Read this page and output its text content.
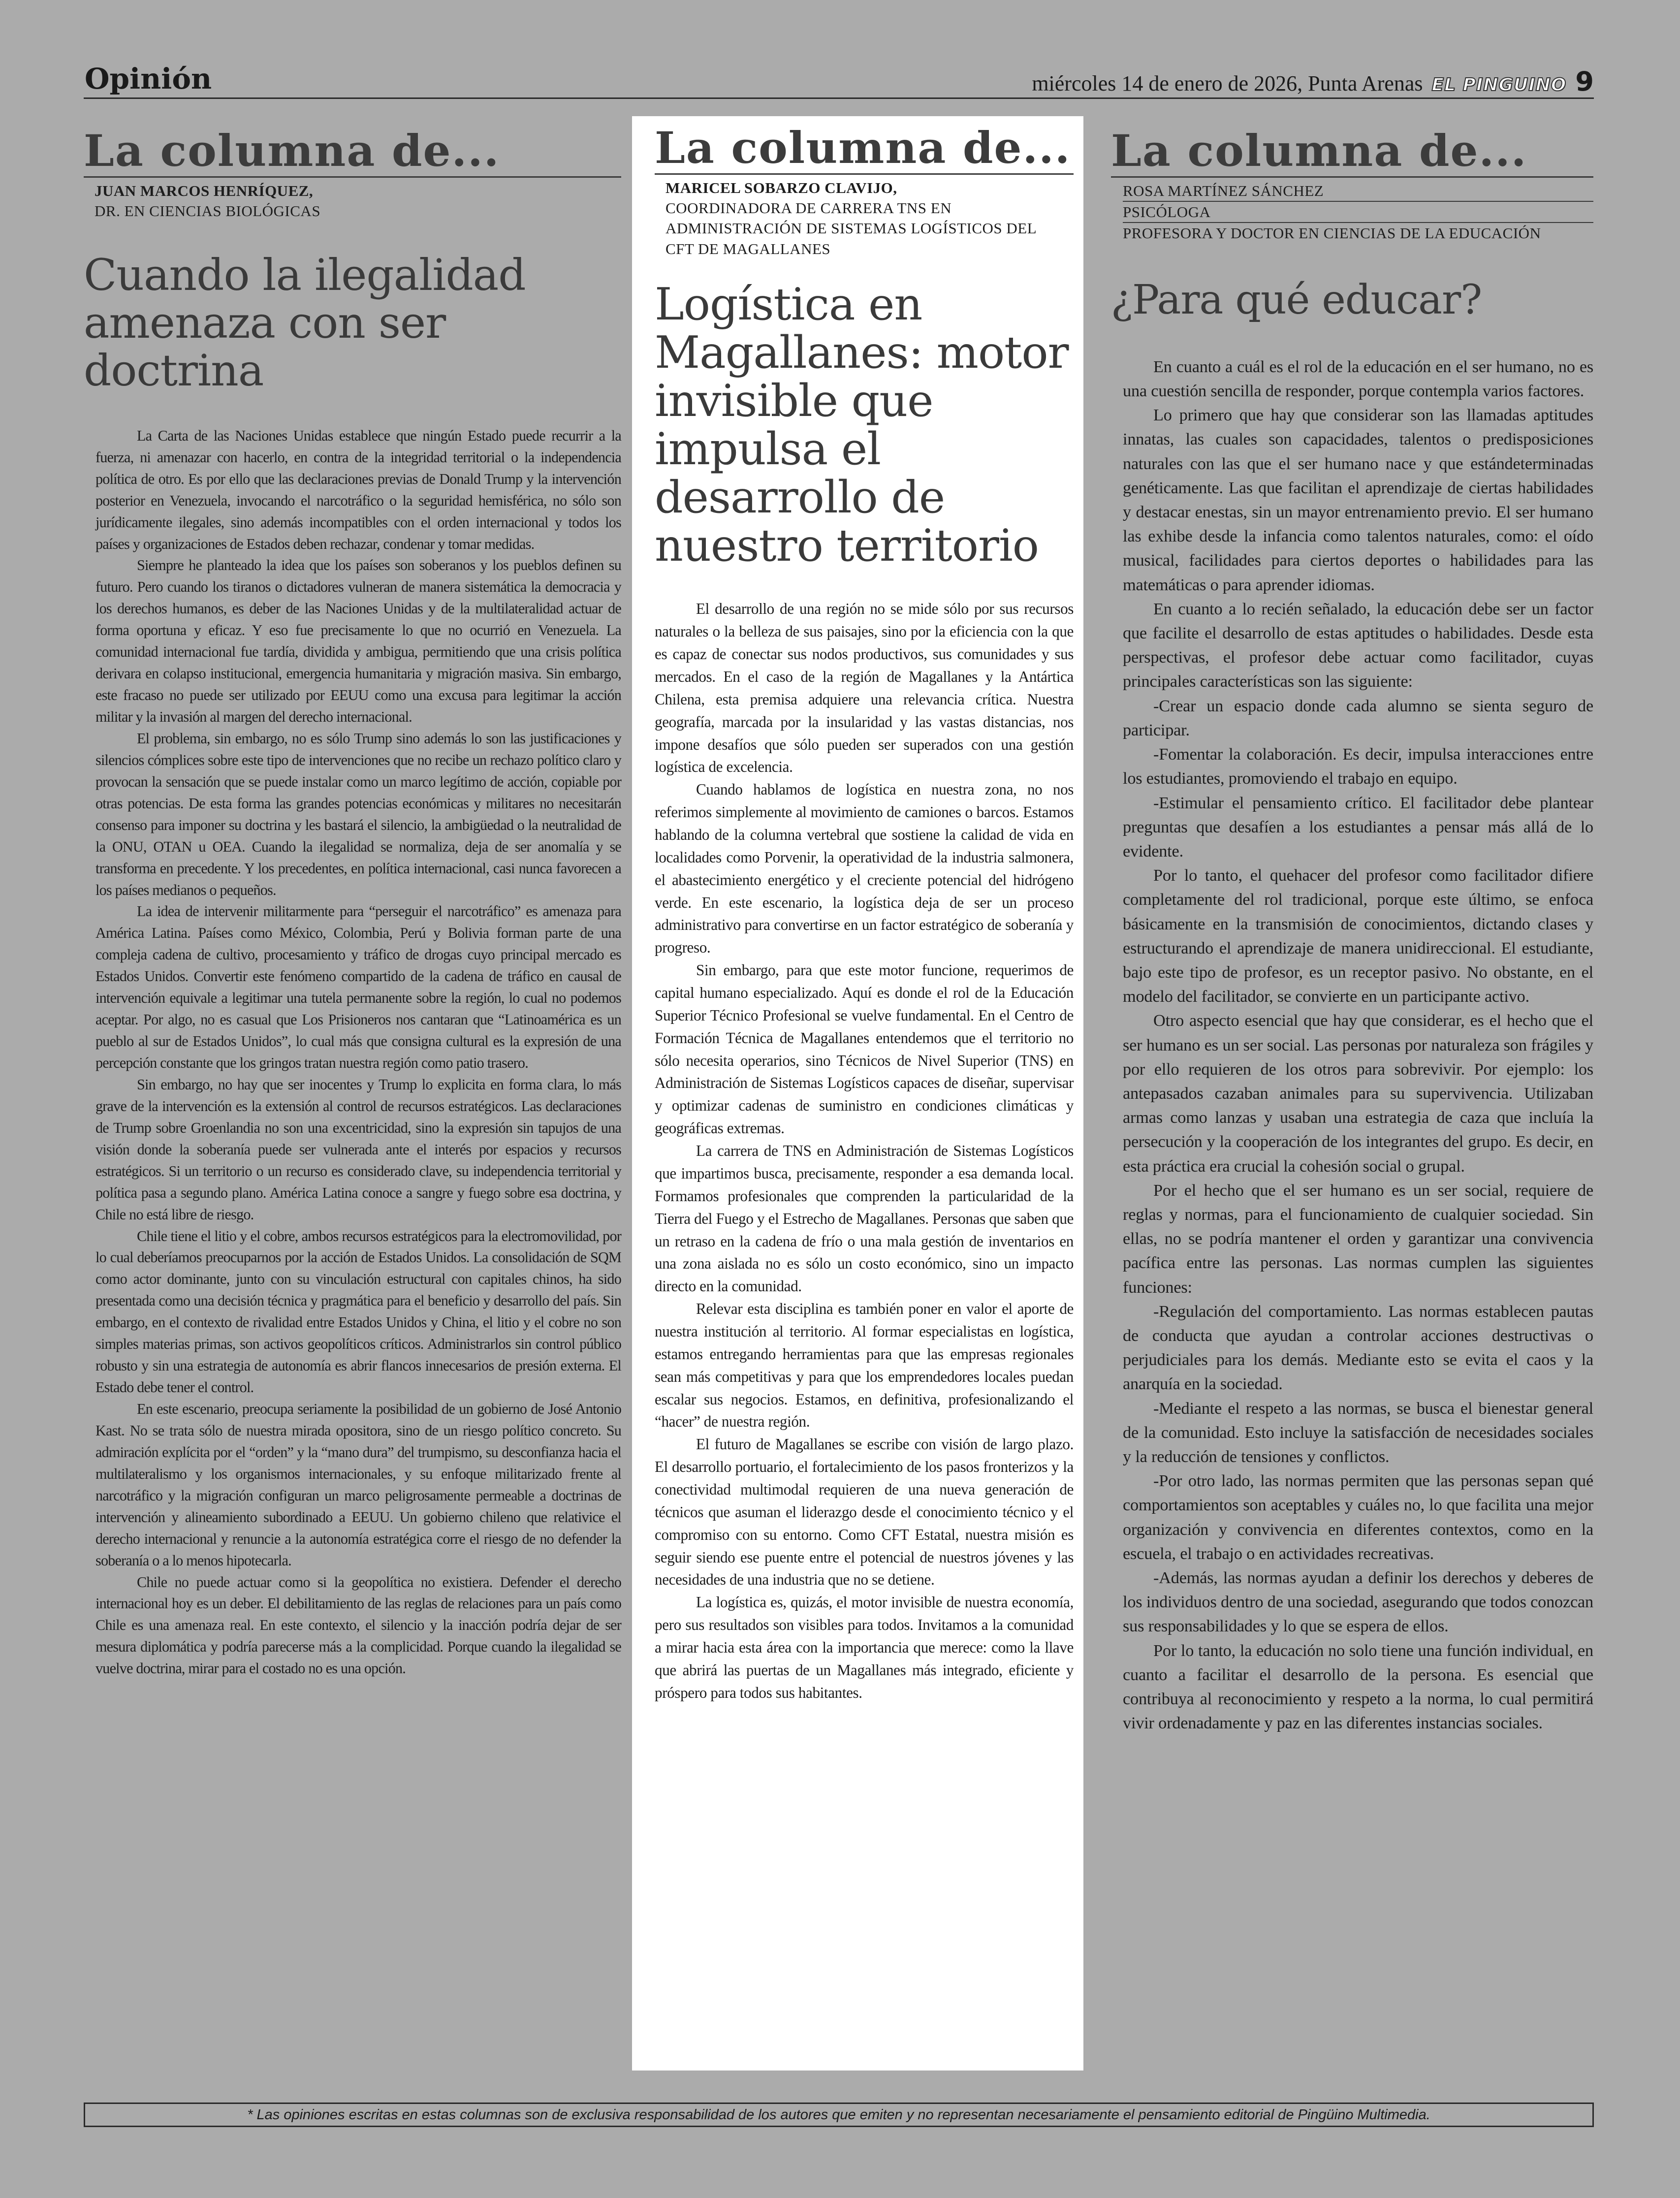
Opinión	miércoles 14 de enero de 2026, Punta Arenas EL PINGUINO 9
La columna de...
JUAN MARCOS HENRÍQUEZ,
DR. EN CIENCIAS BIOLÓGICAS
Cuando la ilegalidad amenaza con ser doctrina

La Carta de las Naciones Unidas establece que ningún Estado puede recurrir a la fuerza, ni amenazar con hacerlo, en contra de la integridad territorial o la independencia política de otro. Es por ello que las declaraciones previas de Donald Trump y la intervención posterior en Venezuela, invocando el narcotráfico o la seguridad hemisférica, no sólo son jurídicamente ilegales, sino además incompatibles con el orden internacional y todos los países y organizaciones de Estados deben rechazar, condenar y tomar medidas.

Siempre he planteado la idea que los países son soberanos y los pueblos definen su futuro. Pero cuando los tiranos o dictadores vulneran de manera sistemática la democracia y los derechos humanos, es deber de las Naciones Unidas y de la multilateralidad actuar de forma oportuna y eficaz. Y eso fue precisamente lo que no ocurrió en Venezuela. La comunidad internacional fue tardía, dividida y ambigua, permitiendo que una crisis política derivara en colapso institucional, emergencia humanitaria y migración masiva. Sin embargo, este fracaso no puede ser utilizado por EEUU como una excusa para legitimar la acción militar y la invasión al margen del derecho internacional.

El problema, sin embargo, no es sólo Trump sino además lo son las justificaciones y silencios cómplices sobre este tipo de intervenciones que no recibe un rechazo político claro y provocan la sensación que se puede instalar como un marco legítimo de acción, copiable por otras potencias. De esta forma las grandes potencias económicas y militares no necesitarán consenso para imponer su doctrina y les bastará el silencio, la ambigüedad o la neutralidad de la ONU, OTAN u OEA. Cuando la ilegalidad se normaliza, deja de ser anomalía y se transforma en precedente. Y los precedentes, en política internacional, casi nunca favorecen a los países medianos o pequeños.

La idea de intervenir militarmente para “perseguir el narcotráfico” es amenaza para América Latina. Países como México, Colombia, Perú y Bolivia forman parte de una compleja cadena de cultivo, procesamiento y tráfico de drogas cuyo principal mercado es Estados Unidos. Convertir este fenómeno compartido de la cadena de tráfico en causal de intervención equivale a legitimar una tutela permanente sobre la región, lo cual no podemos aceptar. Por algo, no es casual que Los Prisioneros nos cantaran que “Latinoamérica es un pueblo al sur de Estados Unidos”, lo cual más que consigna cultural es la expresión de una percepción constante que los gringos tratan nuestra región como patio trasero.

Sin embargo, no hay que ser inocentes y Trump lo explicita en forma clara, lo más grave de la intervención es la extensión al control de recursos estratégicos. Las declaraciones de Trump sobre Groenlandia no son una excentricidad, sino la expresión sin tapujos de una visión donde la soberanía puede ser vulnerada ante el interés por espacios y recursos estratégicos. Si un territorio o un recurso es considerado clave, su independencia territorial y política pasa a segundo plano. América Latina conoce a sangre y fuego sobre esa doctrina, y Chile no está libre de riesgo.

Chile tiene el litio y el cobre, ambos recursos estratégicos para la electromovilidad, por lo cual deberíamos preocuparnos por la acción de Estados Unidos. La consolidación de SQM como actor dominante, junto con su vinculación estructural con capitales chinos, ha sido presentada como una decisión técnica y pragmática para el beneficio y desarrollo del país. Sin embargo, en el contexto de rivalidad entre Estados Unidos y China, el litio y el cobre no son simples materias primas, son activos geopolíticos críticos. Administrarlos sin control público robusto y sin una estrategia de autonomía es abrir flancos innecesarios de presión externa. El Estado debe tener el control.

En este escenario, preocupa seriamente la posibilidad de un gobierno de José Antonio Kast. No se trata sólo de nuestra mirada opositora, sino de un riesgo político concreto. Su admiración explícita por el “orden” y la “mano dura” del trumpismo, su desconfianza hacia el multilateralismo y los organismos internacionales, y su enfoque militarizado frente al narcotráfico y la migración configuran un marco peligrosamente permeable a doctrinas de intervención y alineamiento subordinado a EEUU. Un gobierno chileno que relativice el derecho internacional y renuncie a la autonomía estratégica corre el riesgo de no defender la soberanía o a lo menos hipotecarla.

Chile no puede actuar como si la geopolítica no existiera. Defender el derecho internacional hoy es un deber. El debilitamiento de las reglas de relaciones para un país como Chile es una amenaza real. En este contexto, el silencio y la inacción podría dejar de ser mesura diplomática y podría parecerse más a la complicidad. Porque cuando la ilegalidad se vuelve doctrina, mirar para el costado no es una opción.

La columna de...
MARICEL SOBARZO CLAVIJO,
COORDINADORA DE CARRERA TNS EN
ADMINISTRACIÓN DE SISTEMAS LOGÍSTICOS DEL
CFT DE MAGALLANES
Logística en Magallanes: motor invisible que impulsa el desarrollo de nuestro territorio

El desarrollo de una región no se mide sólo por sus recursos naturales o la belleza de sus paisajes, sino por la eficiencia con la que es capaz de conectar sus nodos productivos, sus comunidades y sus mercados. En el caso de la región de Magallanes y la Antártica Chilena, esta premisa adquiere una relevancia crítica. Nuestra geografía, marcada por la insularidad y las vastas distancias, nos impone desafíos que sólo pueden ser superados con una gestión logística de excelencia.

Cuando hablamos de logística en nuestra zona, no nos referimos simplemente al movimiento de camiones o barcos. Estamos hablando de la columna vertebral que sostiene la calidad de vida en localidades como Porvenir, la operatividad de la industria salmonera, el abastecimiento energético y el creciente potencial del hidrógeno verde. En este escenario, la logística deja de ser un proceso administrativo para convertirse en un factor estratégico de soberanía y progreso.

Sin embargo, para que este motor funcione, requerimos de capital humano especializado. Aquí es donde el rol de la Educación Superior Técnico Profesional se vuelve fundamental. En el Centro de Formación Técnica de Magallanes entendemos que el territorio no sólo necesita operarios, sino Técnicos de Nivel Superior (TNS) en Administración de Sistemas Logísticos capaces de diseñar, supervisar y optimizar cadenas de suministro en condiciones climáticas y geográficas extremas.

La carrera de TNS en Administración de Sistemas Logísticos que impartimos busca, precisamente, responder a esa demanda local. Formamos profesionales que comprenden la particularidad de la Tierra del Fuego y el Estrecho de Magallanes. Personas que saben que un retraso en la cadena de frío o una mala gestión de inventarios en una zona aislada no es sólo un costo económico, sino un impacto directo en la comunidad.

Relevar esta disciplina es también poner en valor el aporte de nuestra institución al territorio. Al formar especialistas en logística, estamos entregando herramientas para que las empresas regionales sean más competitivas y para que los emprendedores locales puedan escalar sus negocios. Estamos, en definitiva, profesionalizando el “hacer” de nuestra región.

El futuro de Magallanes se escribe con visión de largo plazo. El desarrollo portuario, el fortalecimiento de los pasos fronterizos y la conectividad multimodal requieren de una nueva generación de técnicos que asuman el liderazgo desde el conocimiento técnico y el compromiso con su entorno. Como CFT Estatal, nuestra misión es seguir siendo ese puente entre el potencial de nuestros jóvenes y las necesidades de una industria que no se detiene.

La logística es, quizás, el motor invisible de nuestra economía, pero sus resultados son visibles para todos. Invitamos a la comunidad a mirar hacia esta área con la importancia que merece: como la llave que abrirá las puertas de un Magallanes más integrado, eficiente y próspero para todos sus habitantes.

La columna de...
ROSA MARTÍNEZ SÁNCHEZ
PSICÓLOGA
PROFESORA Y DOCTOR EN CIENCIAS DE LA EDUCACIÓN
¿Para qué educar?

En cuanto a cuál es el rol de la educación en el ser humano, no es una cuestión sencilla de responder, porque contempla varios factores.

Lo primero que hay que considerar son las llamadas aptitudes innatas, las cuales son capacidades, talentos o predisposiciones naturales con las que el ser humano nace y que estándeterminadas genéticamente. Las que facilitan el aprendizaje de ciertas habilidades y destacar enestas, sin un mayor entrenamiento previo. El ser humano las exhibe desde la infancia como talentos naturales, como: el oído musical, facilidades para ciertos deportes o habilidades para las matemáticas o para aprender idiomas.

En cuanto a lo recién señalado, la educación debe ser un factor que facilite el desarrollo de estas aptitudes o habilidades. Desde esta perspectivas, el profesor debe actuar como facilitador, cuyas principales características son las siguiente:

-Crear un espacio donde cada alumno se sienta seguro de participar.

-Fomentar la colaboración. Es decir, impulsa interacciones entre los estudiantes, promoviendo el trabajo en equipo.

-Estimular el pensamiento crítico. El facilitador debe plantear preguntas que desafíen a los estudiantes a pensar más allá de lo evidente.

Por lo tanto, el quehacer del profesor como facilitador difiere completamente del rol tradicional, porque este último, se enfoca básicamente en la transmisión de conocimientos, dictando clases y estructurando el aprendizaje de manera unidireccional. El estudiante, bajo este tipo de profesor, es un receptor pasivo. No obstante, en el modelo del facilitador, se convierte en un participante activo.

Otro aspecto esencial que hay que considerar, es el hecho que el ser humano es un ser social. Las personas por naturaleza son frágiles y por ello requieren de los otros para sobrevivir. Por ejemplo: los antepasados cazaban animales para su supervivencia. Utilizaban armas como lanzas y usaban una estrategia de caza que incluía la persecución y la cooperación de los integrantes del grupo. Es decir, en esta práctica era crucial la cohesión social o grupal.

Por el hecho que el ser humano es un ser social, requiere de reglas y normas, para el funcionamiento de cualquier sociedad. Sin ellas, no se podría mantener el orden y garantizar una convivencia pacífica entre las personas. Las normas cumplen las siguientes funciones:

-Regulación del comportamiento. Las normas establecen pautas de conducta que ayudan a controlar acciones destructivas o perjudiciales para los demás. Mediante esto se evita el caos y la anarquía en la sociedad.

-Mediante el respeto a las normas, se busca el bienestar general de la comunidad. Esto incluye la satisfacción de necesidades sociales y la reducción de tensiones y conflictos.

-Por otro lado, las normas permiten que las personas sepan qué comportamientos son aceptables y cuáles no, lo que facilita una mejor organización y convivencia en diferentes contextos, como en la escuela, el trabajo o en actividades recreativas.

-Además, las normas ayudan a definir los derechos y deberes de los individuos dentro de una sociedad, asegurando que todos conozcan sus responsabilidades y lo que se espera de ellos.

Por lo tanto, la educación no solo tiene una función individual, en cuanto a facilitar el desarrollo de la persona. Es esencial que contribuya al reconocimiento y respeto a la norma, lo cual permitirá vivir ordenadamente y paz en las diferentes instancias sociales.

* Las opiniones escritas en estas columnas son de exclusiva responsabilidad de los autores que emiten y no representan necesariamente el pensamiento editorial de Pingüino Multimedia.
